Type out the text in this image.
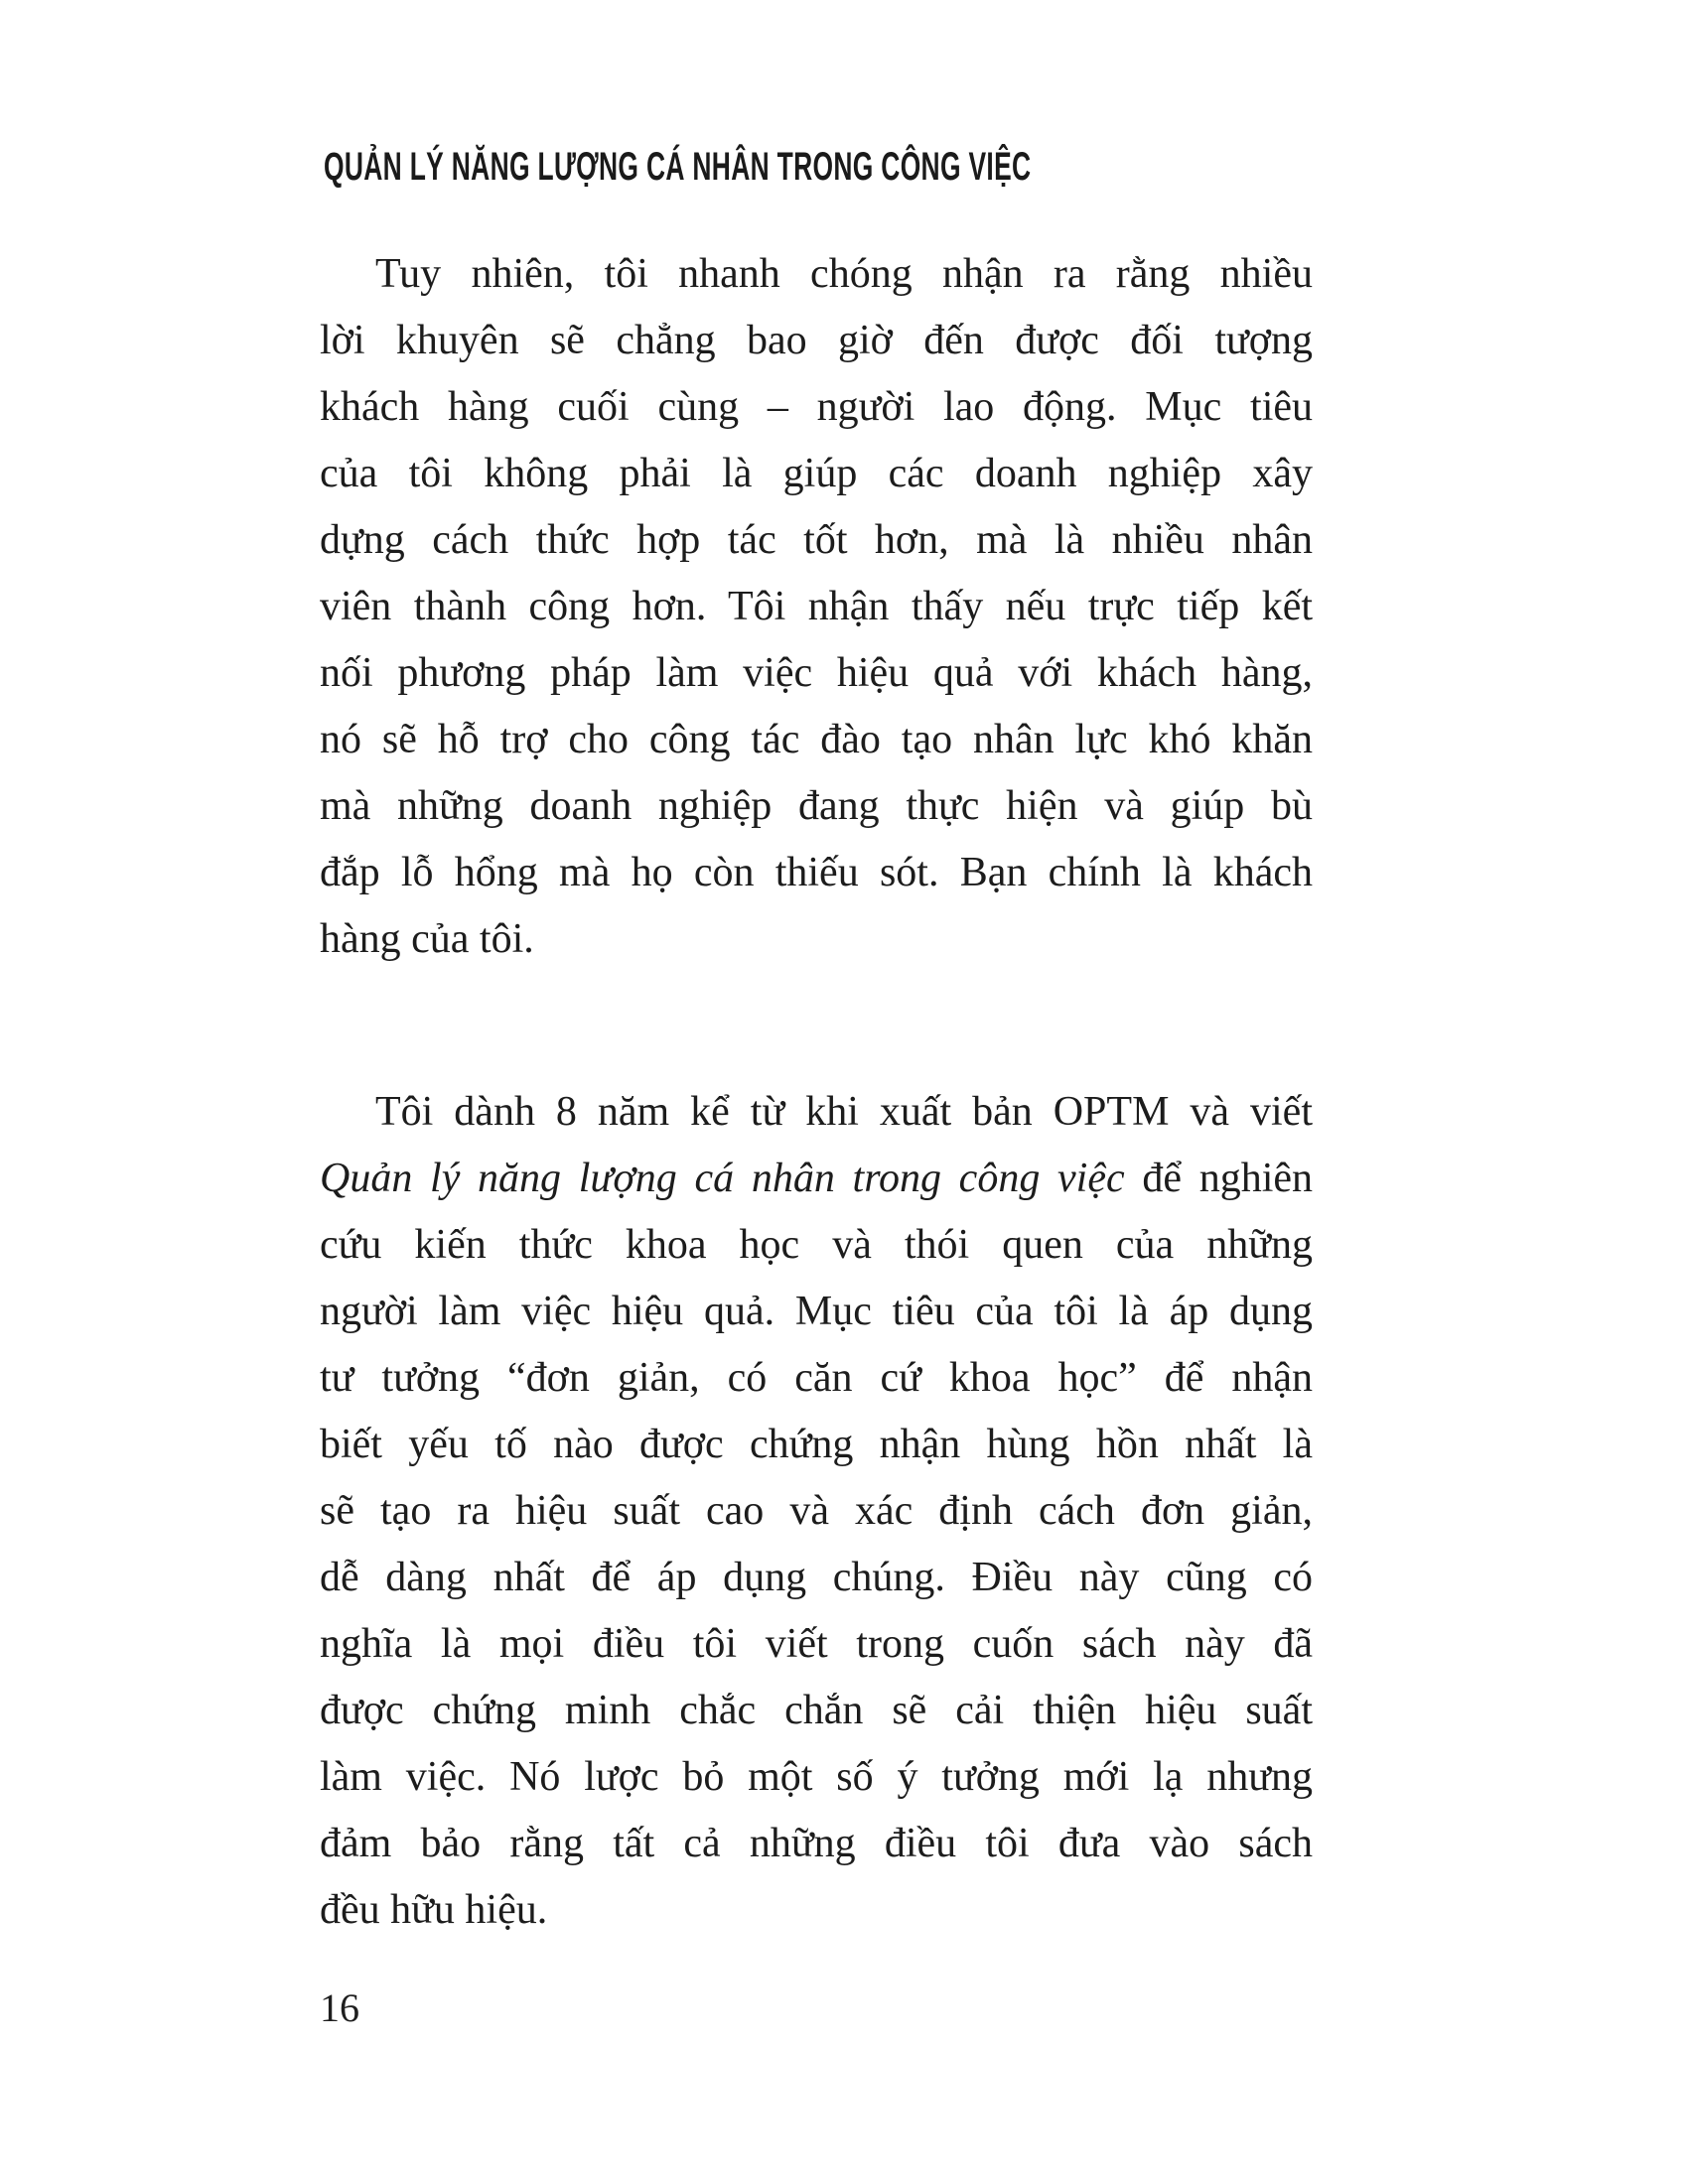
QUẢN LÝ NĂNG LƯỢNG CÁ NHÂN TRONG CÔNG VIỆC
Tuy nhiên, tôi nhanh chóng nhận ra rằng nhiều
lời khuyên sẽ chẳng bao giờ đến được đối tượng
khách hàng cuối cùng – người lao động. Mục tiêu
của tôi không phải là giúp các doanh nghiệp xây
dựng cách thức hợp tác tốt hơn, mà là nhiều nhân
viên thành công hơn. Tôi nhận thấy nếu trực tiếp kết
nối phương pháp làm việc hiệu quả với khách hàng,
nó sẽ hỗ trợ cho công tác đào tạo nhân lực khó khăn
mà những doanh nghiệp đang thực hiện và giúp bù
đắp lỗ hổng mà họ còn thiếu sót. Bạn chính là khách
hàng của tôi.
Tôi dành 8 năm kể từ khi xuất bản OPTM và viết
Quản lý năng lượng cá nhân trong công việc để nghiên
cứu kiến thức khoa học và thói quen của những
người làm việc hiệu quả. Mục tiêu của tôi là áp dụng
tư tưởng “đơn giản, có căn cứ khoa học” để nhận
biết yếu tố nào được chứng nhận hùng hồn nhất là
sẽ tạo ra hiệu suất cao và xác định cách đơn giản,
dễ dàng nhất để áp dụng chúng. Điều này cũng có
nghĩa là mọi điều tôi viết trong cuốn sách này đã
được chứng minh chắc chắn sẽ cải thiện hiệu suất
làm việc. Nó lược bỏ một số ý tưởng mới lạ nhưng
đảm bảo rằng tất cả những điều tôi đưa vào sách
đều hữu hiệu.
16
